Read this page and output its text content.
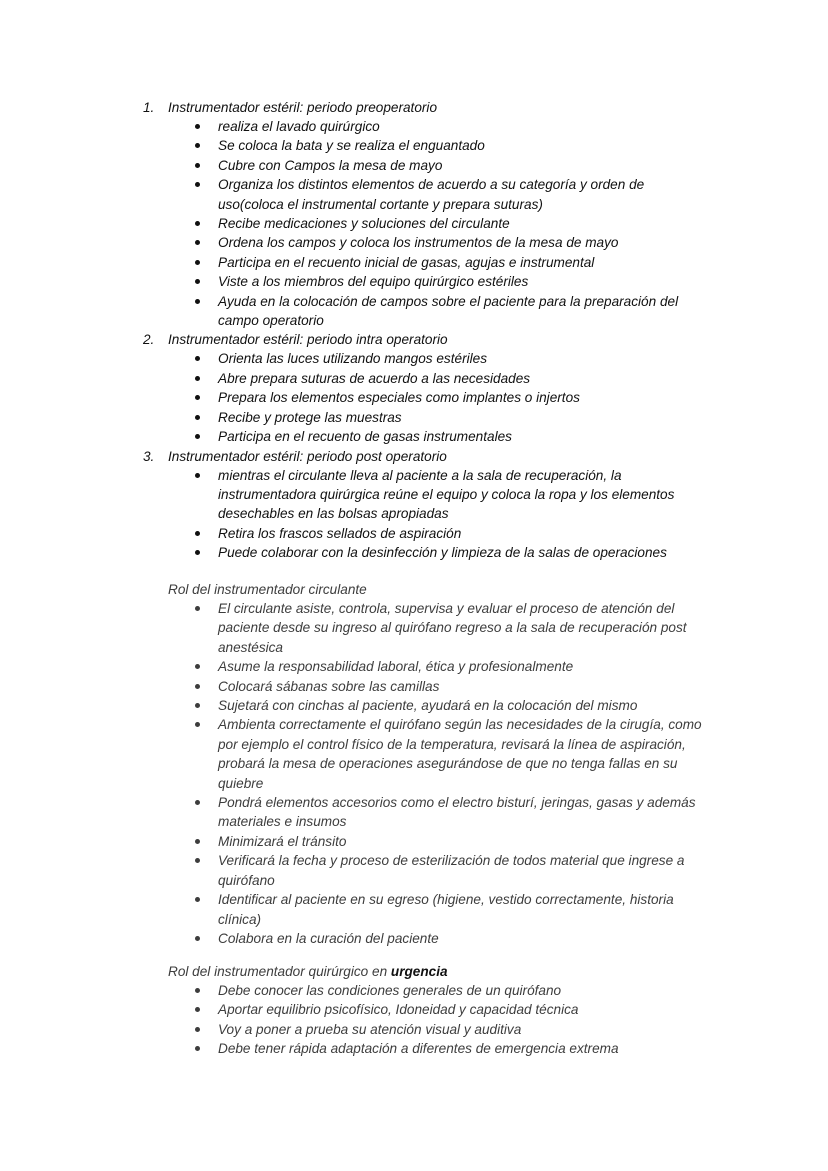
1. Instrumentador estéril: periodo preoperatorio
realiza el lavado quirúrgico
Se coloca la bata y se realiza el enguantado
Cubre con Campos la mesa de mayo
Organiza los distintos elementos de acuerdo a su categoría y orden de uso(coloca el instrumental cortante y prepara suturas)
Recibe medicaciones y soluciones del circulante
Ordena los campos y coloca los instrumentos de la mesa de mayo
Participa en el recuento inicial de gasas, agujas e instrumental
Viste a los miembros del equipo quirúrgico estériles
Ayuda en la colocación de campos sobre el paciente para la preparación del campo operatorio
2. Instrumentador estéril: periodo intra operatorio
Orienta las luces utilizando mangos estériles
Abre prepara suturas de acuerdo a las necesidades
Prepara los elementos especiales como implantes o injertos
Recibe y protege las muestras
Participa en el recuento de gasas instrumentales
3. Instrumentador estéril: periodo post operatorio
mientras el circulante lleva al paciente a la sala de recuperación, la instrumentadora quirúrgica reúne el equipo y coloca la ropa y los elementos desechables en las bolsas apropiadas
Retira los frascos sellados de aspiración
Puede colaborar con la desinfección y limpieza de la salas de operaciones
Rol del instrumentador circulante
El circulante asiste, controla, supervisa y evaluar el proceso de atención del paciente desde su ingreso al quirófano regreso a la sala de recuperación post anestésica
Asume la responsabilidad laboral, ética y profesionalmente
Colocará sábanas sobre las camillas
Sujetará con cinchas al paciente, ayudará en la colocación del mismo
Ambienta correctamente el quirófano según las necesidades de la cirugía, como por ejemplo el control físico de la temperatura, revisará la línea de aspiración, probará la mesa de operaciones asegurándose de que no tenga fallas en su quiebre
Pondrá elementos accesorios como el electro bisturí, jeringas, gasas y además materiales e insumos
Minimizará el tránsito
Verificará la fecha y proceso de esterilización de todos material que ingrese a quirófano
Identificar al paciente en su egreso (higiene, vestido correctamente, historia clínica)
Colabora en la curación del paciente
Rol del instrumentador quirúrgico en urgencia
Debe conocer las condiciones generales de un quirófano
Aportar equilibrio psicofísico, Idoneidad y capacidad técnica
Voy a poner a prueba su atención visual y auditiva
Debe tener rápida adaptación a diferentes de emergencia extrema
